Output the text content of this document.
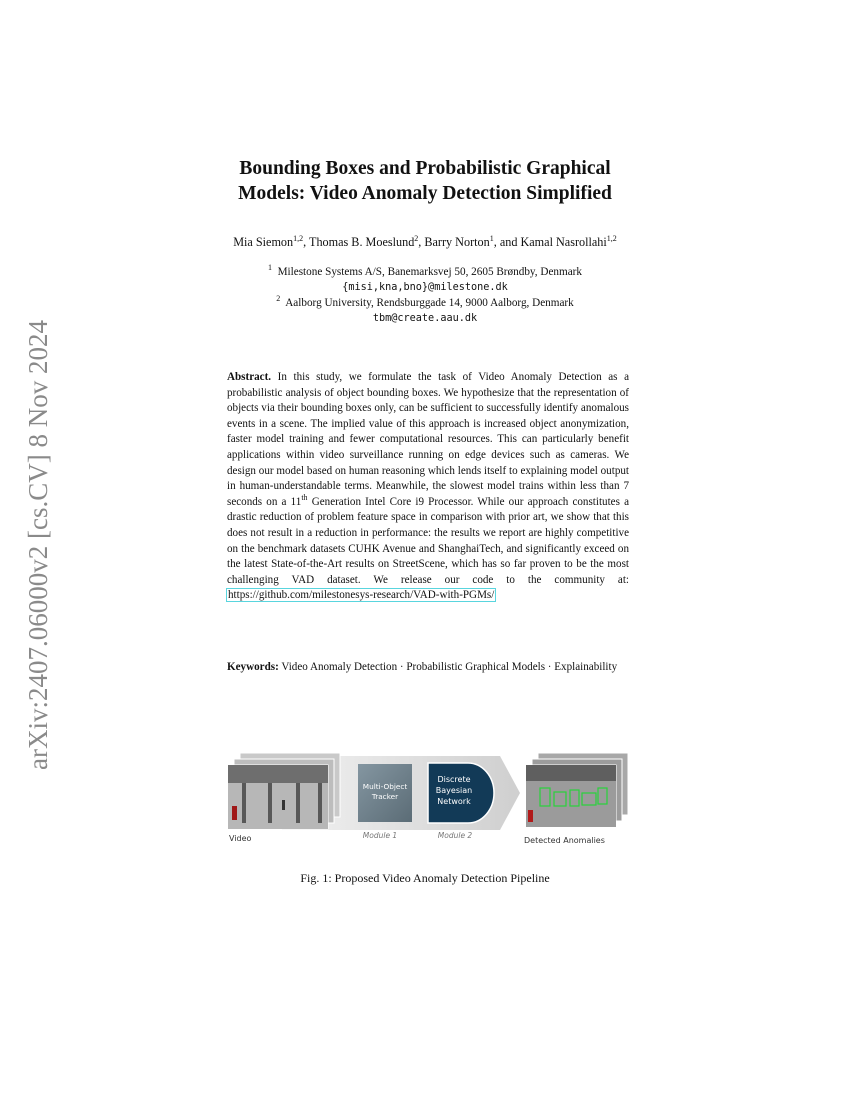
arXiv:2407.06000v2 [cs.CV] 8 Nov 2024
Bounding Boxes and Probabilistic Graphical
Models: Video Anomaly Detection Simplified
Mia Siemon$^{1,2}$, Thomas B. Moeslund$^2$, Barry Norton$^1$, and Kamal Nasrollahi$^{1,2}$
$^1$ Milestone Systems A/S, Banemarksvej 50, 2605 Brøndby, Denmark
{misi,kna,bno}@milestone.dk
$^2$ Aalborg University, Rendsburggade 14, 9000 Aalborg, Denmark
tbm@create.aau.dk
Abstract. In this study, we formulate the task of Video Anomaly Detection as a probabilistic analysis of object bounding boxes. We hypothesize that the representation of objects via their bounding boxes only, can be sufficient to successfully identify anomalous events in a scene. The implied value of this approach is increased object anonymization, faster model training and fewer computational resources. This can particularly benefit applications within video surveillance running on edge devices such as cameras. We design our model based on human reasoning which lends itself to explaining model output in human-understandable terms. Meanwhile, the slowest model trains within less than 7 seconds on a 11th Generation Intel Core i9 Processor. While our approach constitutes a drastic reduction of problem feature space in comparison with prior art, we show that this does not result in a reduction in performance: the results we report are highly competitive on the benchmark datasets CUHK Avenue and ShanghaiTech, and significantly exceed on the latest State-of-the-Art results on StreetScene, which has so far proven to be the most challenging VAD dataset. We release our code to the community at: https://github.com/milestonesys-research/VAD-with-PGMs/
Keywords: Video Anomaly Detection · Probabilistic Graphical Models · Explainability
Video
Multi-Object
Tracker
Module 1
Discrete
Bayesian
Network
Module 2
Detected Anomalies
Fig. 1: Proposed Video Anomaly Detection Pipeline
